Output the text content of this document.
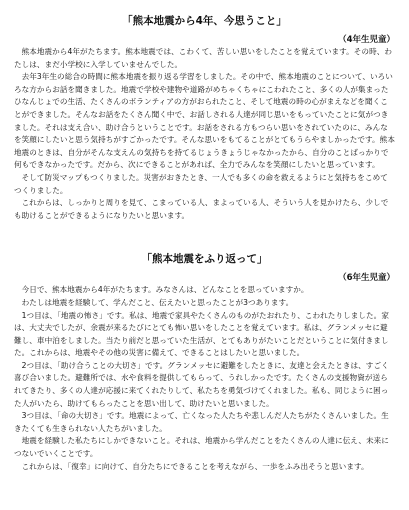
「熊本地震から4年、今思うこと」
（4年生児童）

熊本地震から4年がたちます。熊本地震では、こわくて、苦しい思いをしたことを覚えています。その時、わたしは、まだ小学校に入学していませんでした。

去年3年生の総合の時間に熊本地震を振り返る学習をしました。その中で、熊本地震のことについて、いろいろな方からお話を聞きました。地震で学校や建物や道路がめちゃくちゃにこわれたこと、多くの人が集まったひなんじょでの生活、たくさんのボランティアの方がおられたこと、そして地震の時の心がまえなどを聞くことができました。そんなお話をたくさん聞く中で、お話しされる人達が同じ思いをもっていたことに気がつきました。それは支え合い、助け合うということです。お話をされる方もつらい思いをされていたのに、みんなを笑顔にしたいと思う気持ちがすごかったです。そんな思いをもてることがとてもうらやましかったです。熊本地震のときは、自分がそんな支えんの気持ちを持てるじょうきょうじゃなかったから、自分のことばっかりで何もできなかったです。だから、次にできることがあれば、全力でみんなを笑顔にしたいと思っています。

そして防災マップもつくりました。災害がおきたとき、一人でも多くの命を救えるようにと気持ちをこめてつくりました。

これからは、しっかりと周りを見て、こまっている人、まよっている人、そういう人を見かけたら、少しでも助けることができるようになりたいと思います。

「熊本地震をふり返って」
（6年生児童）

今日で、熊本地震から4年がたちます。みなさんは、どんなことを思っていますか。

わたしは地震を経験して、学んだこと、伝えたいと思ったことが3つあります。

1つ目は、「地震の怖さ」です。私は、地震で家具やたくさんのものがたおれたり、こわれたりしました。家は、大丈夫でしたが、余震が来るたびにとても怖い思いをしたことを覚えています。私は、グランメッセに避難し、車中泊をしました。当たり前だと思っていた生活が、とてもありがたいことだということに気付きました。これからは、地震やその他の災害に備えて、できることはしたいと思いました。

2つ目は、「助け合うことの大切さ」です。グランメッセに避難をしたときに、友達と会えたときは、すごく喜び合いました。避難所では、水や食料を提供してもらって、うれしかったです。たくさんの支援物資が送られてきたり、多くの人達が応援に来てくれたりして、私たちを勇気づけてくれました。私も、同じように困った人がいたら、助けてもらったことを思い出して、助けたいと思いました。

3つ目は、「命の大切さ」です。地震によって、亡くなった人たちや悲しんだ人たちがたくさんいました。生きたくても生きられない人たちがいました。

地震を経験した私たちにしかできないこと。それは、地震から学んだことをたくさんの人達に伝え、未来につないでいくことです。

これからは、「復幸」に向けて、自分たちにできることを考えながら、一歩をふみ出そうと思います。
